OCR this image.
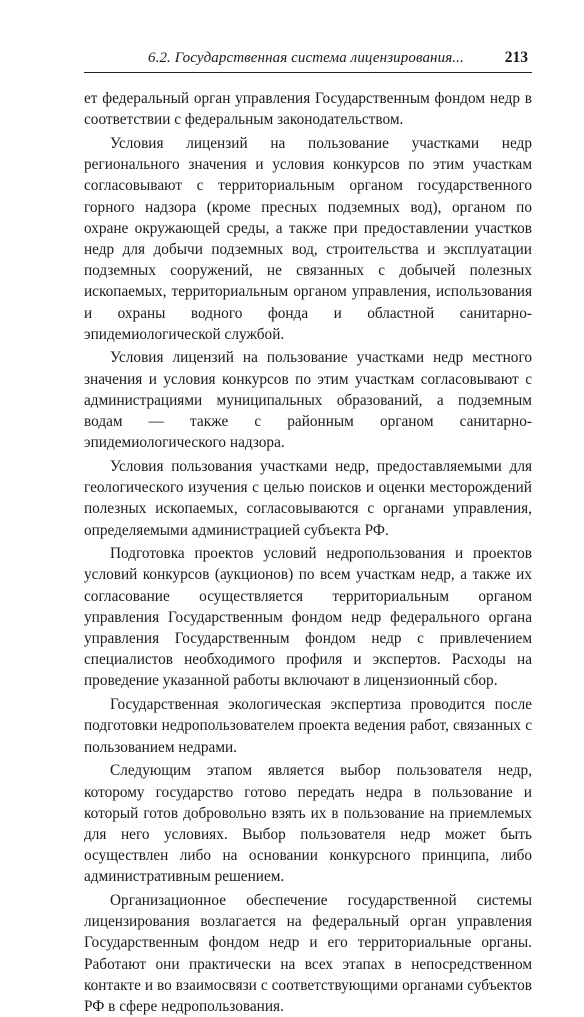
6.2. Государственная система лицензирования...	213

ет федеральный орган управления Государственным фондом недр в соответствии с федеральным законодательством.

Условия лицензий на пользование участками недр регионального значения и условия конкурсов по этим участкам согласовывают с территориальным органом государственного горного надзора (кроме пресных подземных вод), органом по охране окружающей среды, а также при предоставлении участков недр для добычи подземных вод, строительства и эксплуатации подземных сооружений, не связанных с добычей полезных ископаемых, территориальным органом управления, использования и охраны водного фонда и областной санитарно-эпидемиологической службой.

Условия лицензий на пользование участками недр местного значения и условия конкурсов по этим участкам согласовывают с администрациями муниципальных образований, а подземным водам — также с районным органом санитарно-эпидемиологического надзора.

Условия пользования участками недр, предоставляемыми для геологического изучения с целью поисков и оценки месторождений полезных ископаемых, согласовываются с органами управления, определяемыми администрацией субъекта РФ.

Подготовка проектов условий недропользования и проектов условий конкурсов (аукционов) по всем участкам недр, а также их согласование осуществляется территориальным органом управления Государственным фондом недр федерального органа управления Государственным фондом недр с привлечением специалистов необходимого профиля и экспертов. Расходы на проведение указанной работы включают в лицензионный сбор.

Государственная экологическая экспертиза проводится после подготовки недропользователем проекта ведения работ, связанных с пользованием недрами.

Следующим этапом является выбор пользователя недр, которому государство готово передать недра в пользование и который готов добровольно взять их в пользование на приемлемых для него условиях. Выбор пользователя недр может быть осуществлен либо на основании конкурсного принципа, либо административным решением.

Организационное обеспечение государственной системы лицензирования возлагается на федеральный орган управления Государственным фондом недр и его территориальные органы. Работают они практически на всех этапах в непосредственном контакте и во взаимосвязи с соответствующими органами субъектов РФ в сфере недропользования.
